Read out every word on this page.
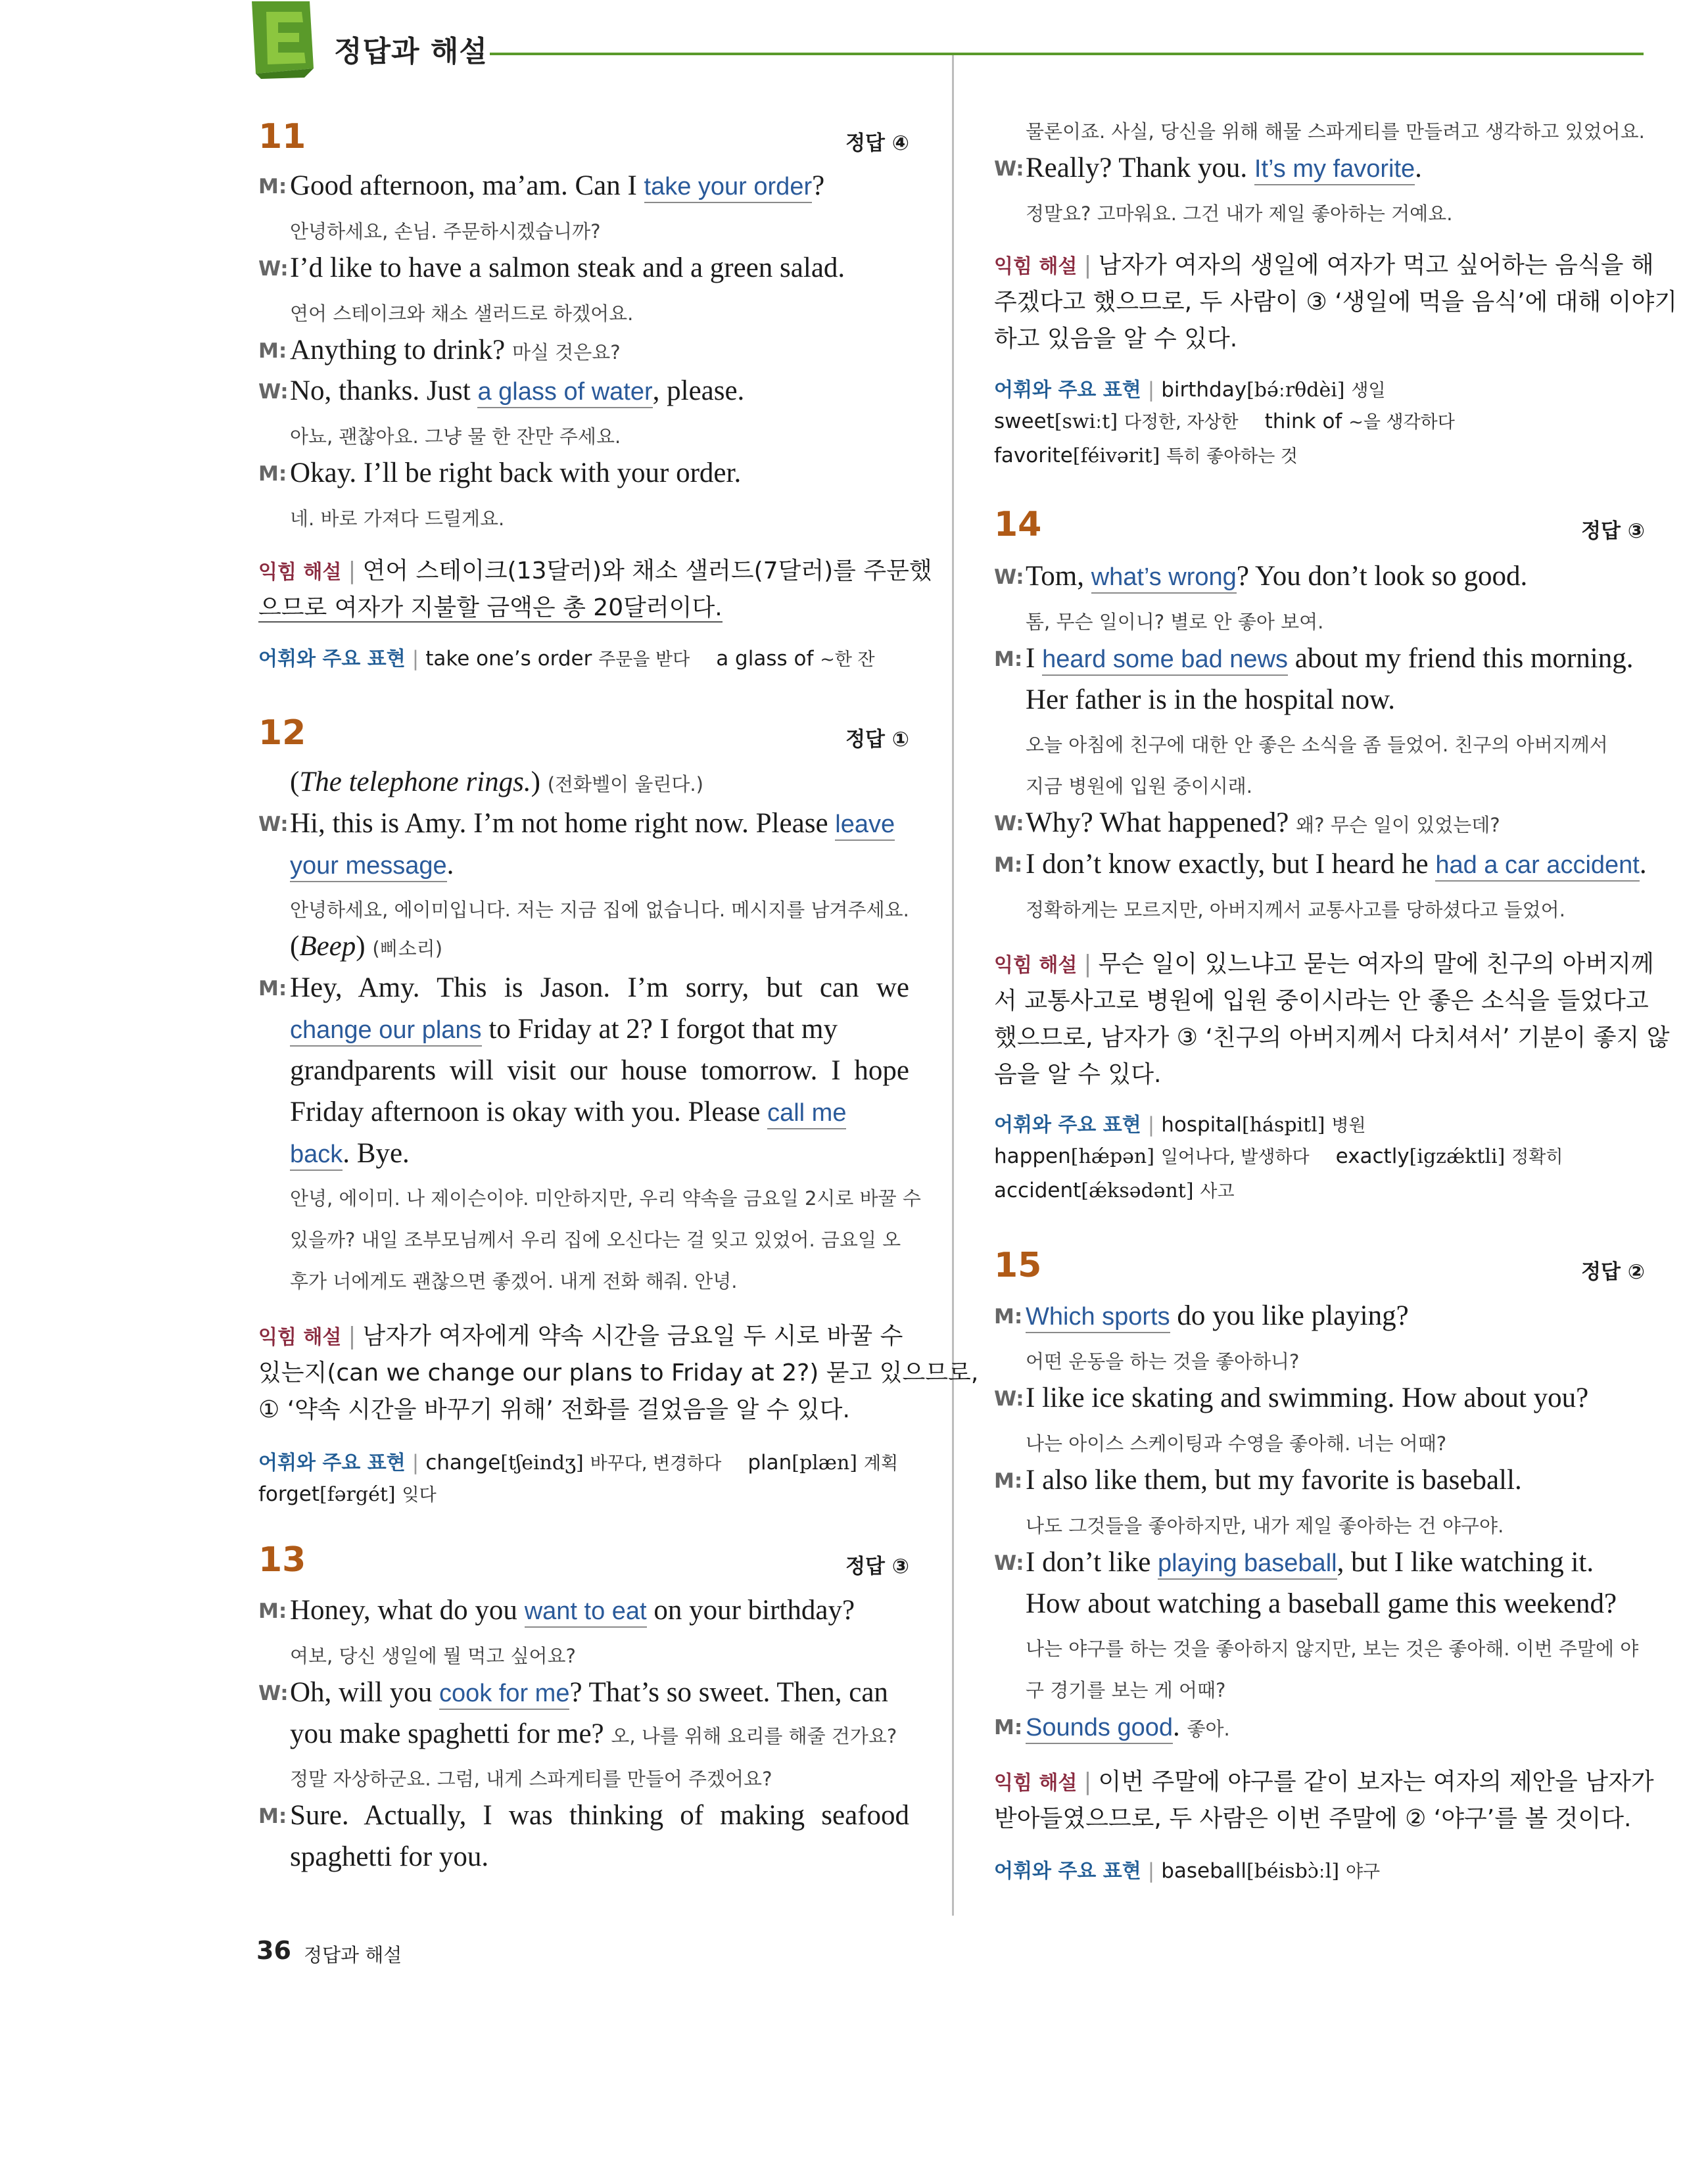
정답과 해설
11	정답 ④
M: Good afternoon, ma’am. Can I take your order?
안녕하세요, 손님. 주문하시겠습니까?
W: I’d like to have a salmon steak and a green salad.
연어 스테이크와 채소 샐러드로 하겠어요.
M: Anything to drink? 마실 것은요?
W: No, thanks. Just a glass of water, please.
아뇨, 괜찮아요. 그냥 물 한 잔만 주세요.
M: Okay. I’ll be right back with your order.
네. 바로 가져다 드릴게요.
익힘 해설 | 연어 스테이크(13달러)와 채소 샐러드(7달러)를 주문했
으므로 여자가 지불할 금액은 총 20달러이다.
어휘와 주요 표현 | take one’s order 주문을 받다 a glass of ~한 잔
12	정답 ①
(The telephone rings.) (전화벨이 울린다.)
W: Hi, this is Amy. I’m not home right now. Please leave
your message.
안녕하세요, 에이미입니다. 저는 지금 집에 없습니다. 메시지를 남겨주세요.
(Beep) (삐소리)
M: Hey, Amy. This is Jason. I’m sorry, but can we
change our plans to Friday at 2? I forgot that my
grandparents will visit our house tomorrow. I hope
Friday afternoon is okay with you. Please call me
back. Bye.
안녕, 에이미. 나 제이슨이야. 미안하지만, 우리 약속을 금요일 2시로 바꿀 수
있을까? 내일 조부모님께서 우리 집에 오신다는 걸 잊고 있었어. 금요일 오
후가 너에게도 괜찮으면 좋겠어. 내게 전화 해줘. 안녕.
익힘 해설 | 남자가 여자에게 약속 시간을 금요일 두 시로 바꿀 수
있는지(can we change our plans to Friday at 2?) 묻고 있으므로,
① ‘약속 시간을 바꾸기 위해’ 전화를 걸었음을 알 수 있다.
어휘와 주요 표현 | change[tʃeindʒ] 바꾸다, 변경하다 plan[plæn] 계획
forget[fərgét] 잊다
13	정답 ③
M: Honey, what do you want to eat on your birthday?
여보, 당신 생일에 뭘 먹고 싶어요?
W: Oh, will you cook for me? That’s so sweet. Then, can
you make spaghetti for me? 오, 나를 위해 요리를 해줄 건가요?
정말 자상하군요. 그럼, 내게 스파게티를 만들어 주겠어요?
M: Sure. Actually, I was thinking of making seafood
spaghetti for you.
물론이죠. 사실, 당신을 위해 해물 스파게티를 만들려고 생각하고 있었어요.
W: Really? Thank you. It’s my favorite.
정말요? 고마워요. 그건 내가 제일 좋아하는 거예요.
익힘 해설 | 남자가 여자의 생일에 여자가 먹고 싶어하는 음식을 해
주겠다고 했으므로, 두 사람이 ③ ‘생일에 먹을 음식’에 대해 이야기
하고 있음을 알 수 있다.
어휘와 주요 표현 | birthday[bə́ːrθdèi] 생일
sweet[swiːt] 다정한, 자상한 think of ~을 생각하다
favorite[féivərit] 특히 좋아하는 것
14	정답 ③
W: Tom, what’s wrong? You don’t look so good.
톰, 무슨 일이니? 별로 안 좋아 보여.
M: I heard some bad news about my friend this morning.
Her father is in the hospital now.
오늘 아침에 친구에 대한 안 좋은 소식을 좀 들었어. 친구의 아버지께서
지금 병원에 입원 중이시래.
W: Why? What happened? 왜? 무슨 일이 있었는데?
M: I don’t know exactly, but I heard he had a car accident.
정확하게는 모르지만, 아버지께서 교통사고를 당하셨다고 들었어.
익힘 해설 | 무슨 일이 있느냐고 묻는 여자의 말에 친구의 아버지께
서 교통사고로 병원에 입원 중이시라는 안 좋은 소식을 들었다고
했으므로, 남자가 ③ ‘친구의 아버지께서 다치셔서’ 기분이 좋지 않
음을 알 수 있다.
어휘와 주요 표현 | hospital[háspitl] 병원
happen[hǽpən] 일어나다, 발생하다 exactly[igzǽktli] 정확히
accident[ǽksədənt] 사고
15	정답 ②
M: Which sports do you like playing?
어떤 운동을 하는 것을 좋아하니?
W: I like ice skating and swimming. How about you?
나는 아이스 스케이팅과 수영을 좋아해. 너는 어때?
M: I also like them, but my favorite is baseball.
나도 그것들을 좋아하지만, 내가 제일 좋아하는 건 야구야.
W: I don’t like playing baseball, but I like watching it.
How about watching a baseball game this weekend?
나는 야구를 하는 것을 좋아하지 않지만, 보는 것은 좋아해. 이번 주말에 야
구 경기를 보는 게 어때?
M: Sounds good. 좋아.
익힘 해설 | 이번 주말에 야구를 같이 보자는 여자의 제안을 남자가
받아들였으므로, 두 사람은 이번 주말에 ② ‘야구’를 볼 것이다.
어휘와 주요 표현 | baseball[béisbɔ̀ːl] 야구
36 정답과 해설
